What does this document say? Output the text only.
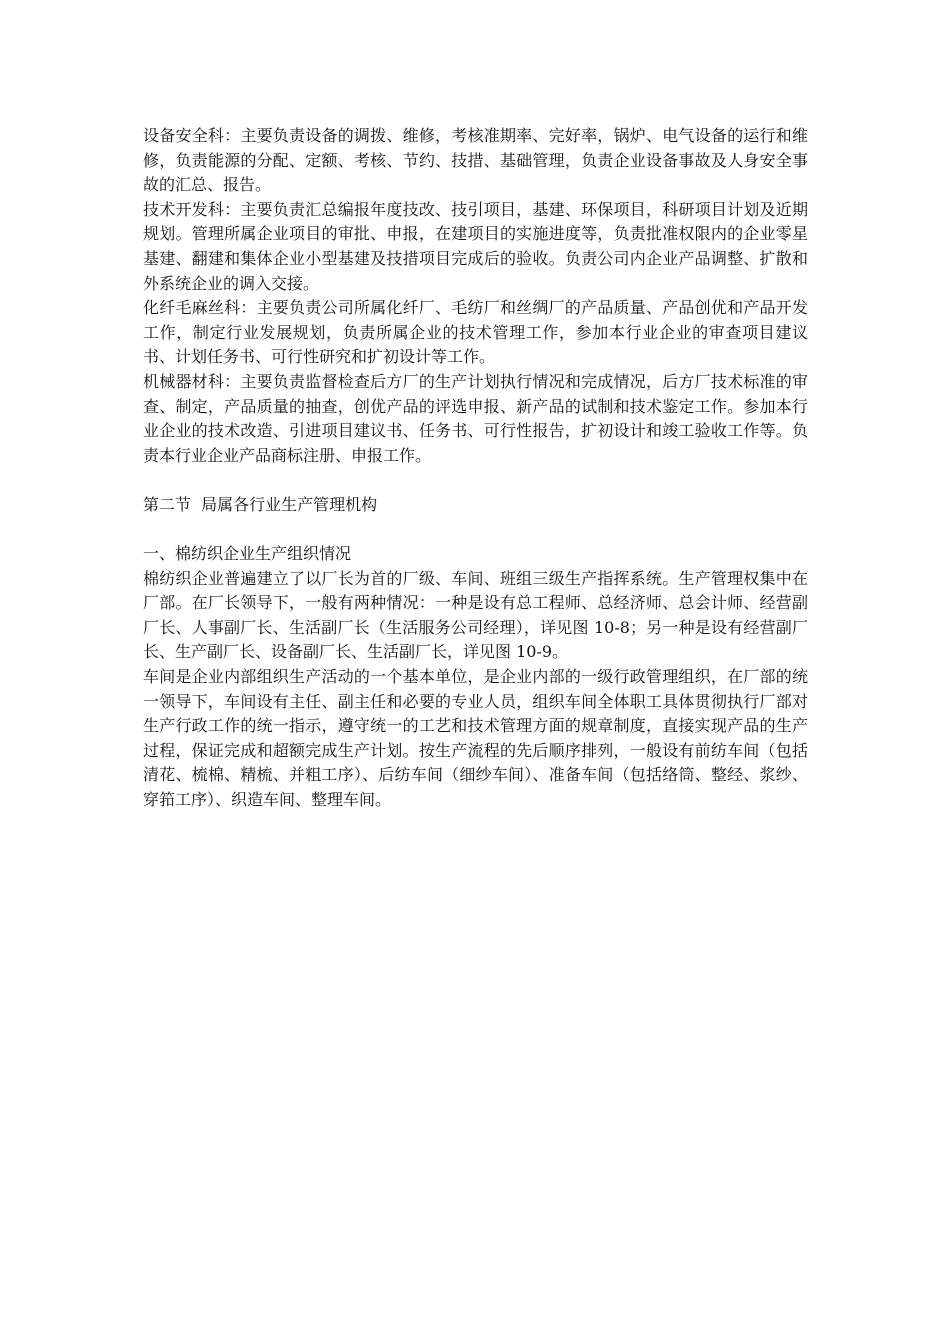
设备安全科：主要负责设备的调拨、维修，考核准期率、完好率，锅炉、电气设备的运行和维修，负责能源的分配、定额、考核、节约、技措、基础管理，负责企业设备事故及人身安全事故的汇总、报告。

技术开发科：主要负责汇总编报年度技改、技引项目，基建、环保项目，科研项目计划及近期规划。管理所属企业项目的审批、申报，在建项目的实施进度等，负责批准权限内的企业零星基建、翻建和集体企业小型基建及技措项目完成后的验收。负责公司内企业产品调整、扩散和外系统企业的调入交接。

化纤毛麻丝科：主要负责公司所属化纤厂、毛纺厂和丝绸厂的产品质量、产品创优和产品开发工作，制定行业发展规划，负责所属企业的技术管理工作，参加本行业企业的审查项目建议书、计划任务书、可行性研究和扩初设计等工作。

机械器材科：主要负责监督检查后方厂的生产计划执行情况和完成情况，后方厂技术标准的审查、制定，产品质量的抽查，创优产品的评选申报、新产品的试制和技术鉴定工作。参加本行业企业的技术改造、引进项目建议书、任务书、可行性报告，扩初设计和竣工验收工作等。负责本行业企业产品商标注册、申报工作。

第二节  局属各行业生产管理机构

一、棉纺织企业生产组织情况

棉纺织企业普遍建立了以厂长为首的厂级、车间、班组三级生产指挥系统。生产管理权集中在厂部。在厂长领导下，一般有两种情况：一种是设有总工程师、总经济师、总会计师、经营副厂长、人事副厂长、生活副厂长（生活服务公司经理），详见图 10-8；另一种是设有经营副厂长、生产副厂长、设备副厂长、生活副厂长，详见图 10-9。

车间是企业内部组织生产活动的一个基本单位，是企业内部的一级行政管理组织，在厂部的统一领导下，车间设有主任、副主任和必要的专业人员，组织车间全体职工具体贯彻执行厂部对生产行政工作的统一指示，遵守统一的工艺和技术管理方面的规章制度，直接实现产品的生产过程，保证完成和超额完成生产计划。按生产流程的先后顺序排列，一般设有前纺车间（包括清花、梳棉、精梳、并粗工序）、后纺车间（细纱车间）、准备车间（包括络筒、整经、浆纱、穿筘工序）、织造车间、整理车间。
